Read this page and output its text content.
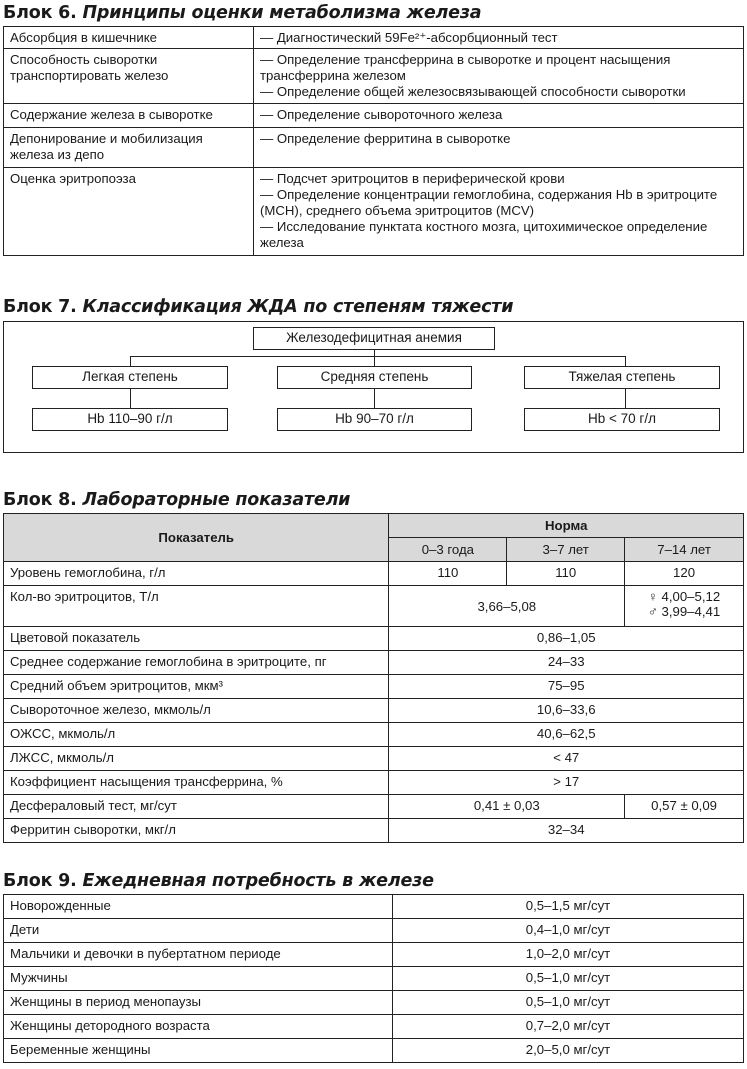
Блок 6. Принципы оценки метаболизма железа
Абсорбция в кишечнике	— Диагностический 59Fe²⁺-абсорбционный тест

Способность сыворотки транспортировать железо	— Определение трансферрина в сыворотке и процент насыщения трансферрина железом
— Определение общей железосвязывающей способности сыворотки

Содержание железа в сыворотке	— Определение сывороточного железа

Депонирование и мобилизация железа из депо	— Определение ферритина в сыворотке

Оценка эритропоэза	— Подсчет эритроцитов в периферической крови
— Определение концентрации гемоглобина, содержания Hb в эритроците (MCH), среднего объема эритроцитов (MCV)
— Исследование пунктата костного мозга, цитохимическое определение железа
Блок 7. Классификация ЖДА по степеням тяжести
Железодефицитная анемия
Легкая степень	Средняя степень	Тяжелая степень
Hb 110–90 г/л	Hb 90–70 г/л	Hb < 70 г/л
Блок 8. Лабораторные показатели
Показатель	Норма		
	0–3 года	3–7 лет	7–14 лет
Уровень гемоглобина, г/л	110	110	120
Кол-во эритроцитов, Т/л	3,66–5,08		♀ 4,00–5,12
♂ 3,99–4,41

Цветовой показатель	0,86–1,05		
Среднее содержание гемоглобина в эритроците, пг	24–33		
Средний объем эритроцитов, мкм³	75–95		
Сывороточное железо, мкмоль/л	10,6–33,6		
ОЖСС, мкмоль/л	40,6–62,5		
ЛЖСС, мкмоль/л	< 47		
Коэффициент насыщения трансферрина, %	> 17		
Десфераловый тест, мг/сут	0,41 ± 0,03		0,57 ± 0,09
Ферритин сыворотки, мкг/л	32–34		
Блок 9. Ежедневная потребность в железе
Новорожденные	0,5–1,5 мг/сут
Дети	0,4–1,0 мг/сут
Мальчики и девочки в пубертатном периоде	1,0–2,0 мг/сут
Мужчины	0,5–1,0 мг/сут
Женщины в период менопаузы	0,5–1,0 мг/сут
Женщины детородного возраста	0,7–2,0 мг/сут
Беременные женщины	2,0–5,0 мг/сут
